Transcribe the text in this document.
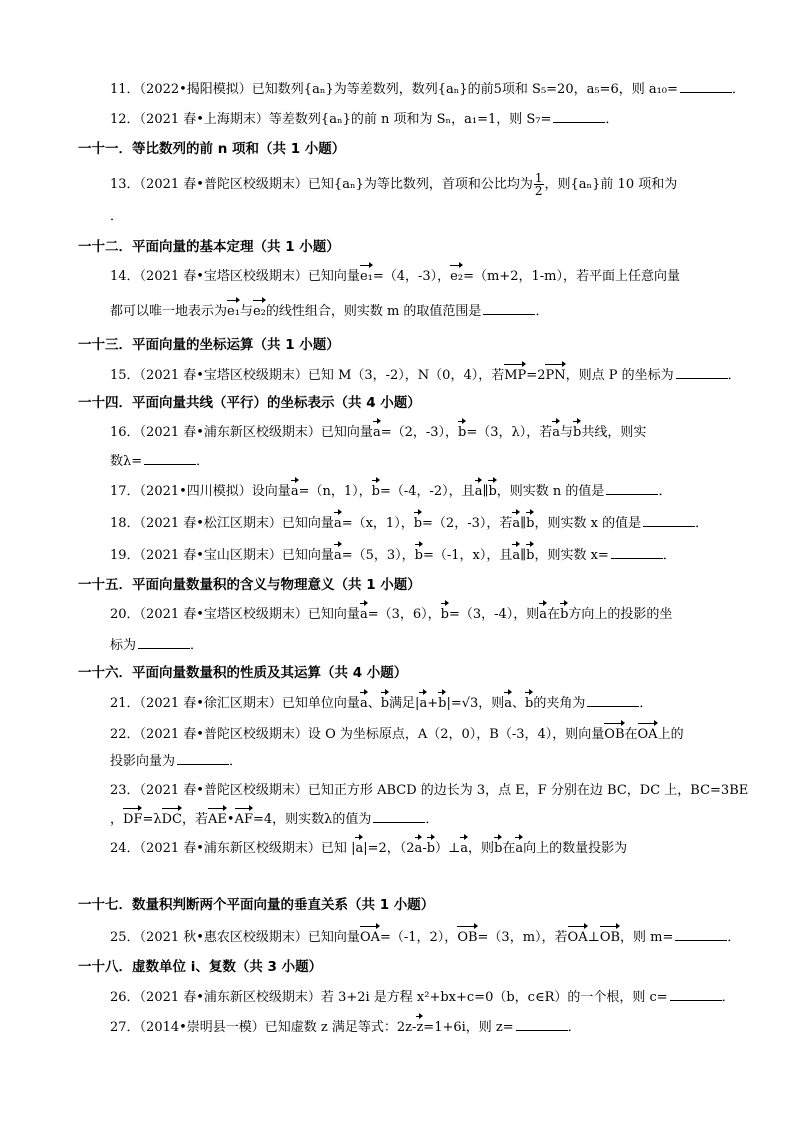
11．（2022•揭阳模拟）已知数列{aₙ}为等差数列，数列{aₙ}的前5项和 S₅=20，a₅=6，则 a₁₀=	．
12．（2021 春•上海期末）等差数列{aₙ}的前 n 项和为 Sₙ，a₁=1，则 S₇=	．
一十一．等比数列的前 n 项和（共 1 小题）
13．（2021 春•普陀区校级期末）已知{aₙ}为等比数列，首项和公比均为 $\frac{1}{2}$ ，则{aₙ}前 10 项和为
．
一十二．平面向量的基本定理（共 1 小题）
14．（2021 春•宝塔区校级期末）已知向量e₁=（4，-3），e₂=（m+2，1-m），若平面上任意向量
都可以唯一地表示为e₁与e₂的线性组合，则实数 m 的取值范围是	．
一十三．平面向量的坐标运算（共 1 小题）
15．（2021 春•宝塔区校级期末）已知 M（3，-2），N（0，4），若MP=2PN，则点 P 的坐标为	．
一十四．平面向量共线（平行）的坐标表示（共 4 小题）
16．（2021 春•浦东新区校级期末）已知向量a=（2，-3），b=（3，λ），若a与b共线，则实
数λ=	．
17．（2021•四川模拟）设向量a=（n，1），b=（-4，-2），且a∥b，则实数 n 的值是	．
18．（2021 春•松江区期末）已知向量a=（x，1），b=（2，-3），若a∥b，则实数 x 的值是	．
19．（2021 春•宝山区期末）已知向量a=（5，3），b=（-1，x），且a∥b，则实数 x=	．
一十五．平面向量数量积的含义与物理意义（共 1 小题）
20．（2021 春•宝塔区校级期末）已知向量a=（3，6），b=（3，-4），则a在b方向上的投影的坐
标为	．
一十六．平面向量数量积的性质及其运算（共 4 小题）
21．（2021 春•徐汇区期末）已知单位向量a、b满足|a+b|=√3，则a、b的夹角为	．
22．（2021 春•普陀区校级期末）设 O 为坐标原点，A（2，0），B（-3，4），则向量OB在OA上的
投影向量为	．
23．（2021 春•普陀区校级期末）已知正方形 ABCD 的边长为 3，点 E，F 分别在边 BC，DC 上，BC=3BE
，DF=λDC，若AE•AF=4，则实数λ的值为	．
24．（2021 春•浦东新区校级期末）已知 |a|=2，（2a-b）⊥a，则b在a向上的数量投影为
一十七．数量积判断两个平面向量的垂直关系（共 1 小题）
25．（2021 秋•惠农区校级期末）已知向量OA=（-1，2），OB=（3，m），若OA⊥OB，则 m=	．
一十八．虚数单位 i、复数（共 3 小题）
26．（2021 春•浦东新区校级期末）若 3+2i 是方程 x²+bx+c=0（b，c∈R）的一个根，则 c=	．
27．（2014•崇明县一模）已知虚数 z 满足等式：2z-z=1+6i，则 z=	．
